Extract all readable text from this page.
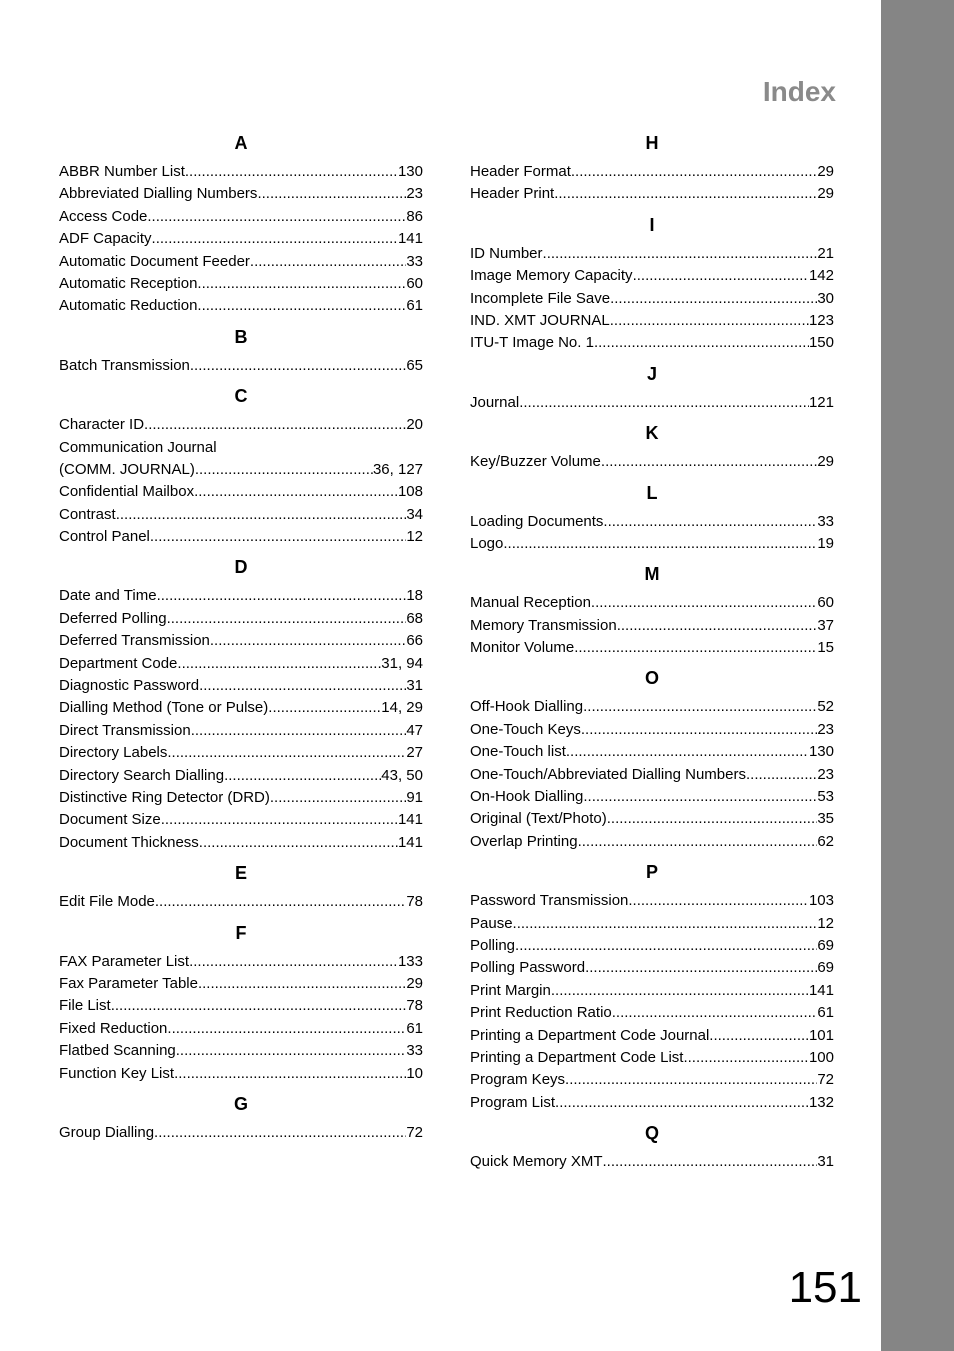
Index
A
ABBR Number List .....	130
Abbreviated Dialling Numbers .....	23
Access Code .....	86
ADF Capacity .....	141
Automatic Document Feeder .....	33
Automatic Reception .....	60
Automatic Reduction .....	61
B
Batch Transmission .....	65
C
Character ID .....	20
Communication Journal
(COMM. JOURNAL) .....	36, 127
Confidential Mailbox .....	108
Contrast .....	34
Control Panel .....	12
D
Date and Time .....	18
Deferred Polling .....	68
Deferred Transmission .....	66
Department Code .....	31, 94
Diagnostic Password .....	31
Dialling Method (Tone or Pulse) .....	14, 29
Direct Transmission .....	47
Directory Labels .....	27
Directory Search Dialling .....	43, 50
Distinctive Ring Detector (DRD) .....	91
Document Size .....	141
Document Thickness .....	141
E
Edit File Mode .....	78
F
FAX Parameter List .....	133
Fax Parameter Table .....	29
File List .....	78
Fixed Reduction .....	61
Flatbed Scanning .....	33
Function Key List .....	10
G
Group Dialling .....	72
H
Header Format .....	29
Header Print .....	29
I
ID Number .....	21
Image Memory Capacity .....	142
Incomplete File Save .....	30
IND. XMT JOURNAL .....	123
ITU-T Image No. 1 .....	150
J
Journal .....	121
K
Key/Buzzer Volume .....	29
L
Loading Documents .....	33
Logo .....	19
M
Manual Reception .....	60
Memory Transmission .....	37
Monitor Volume .....	15
O
Off-Hook Dialling .....	52
One-Touch Keys .....	23
One-Touch list .....	130
One-Touch/Abbreviated Dialling Numbers .....	23
On-Hook Dialling .....	53
Original (Text/Photo) .....	35
Overlap Printing .....	62
P
Password Transmission .....	103
Pause .....	12
Polling .....	69
Polling Password .....	69
Print Margin .....	141
Print Reduction Ratio .....	61
Printing a Department Code Journal .....	101
Printing a Department Code List .....	100
Program Keys .....	72
Program List .....	132
Q
Quick Memory XMT .....	31
151
